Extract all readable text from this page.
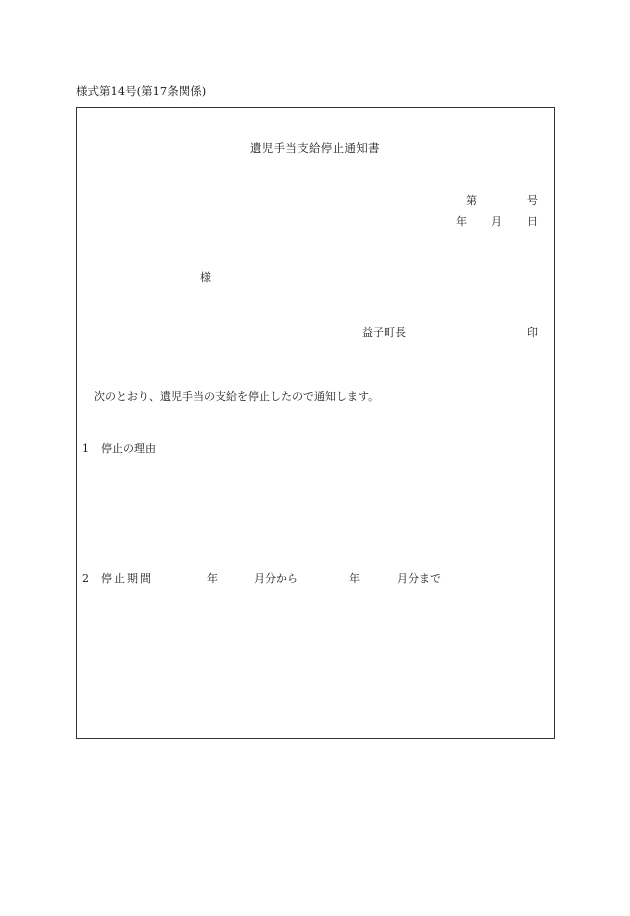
様式第14号(第17条関係)
遺児手当支給停止通知書
第	号
年 月 日
様
益子町長	印
次のとおり、遺児手当の支給を停止したので通知します。
1 停止の理由
2 停止期間	年	月分から	年	月分まで
